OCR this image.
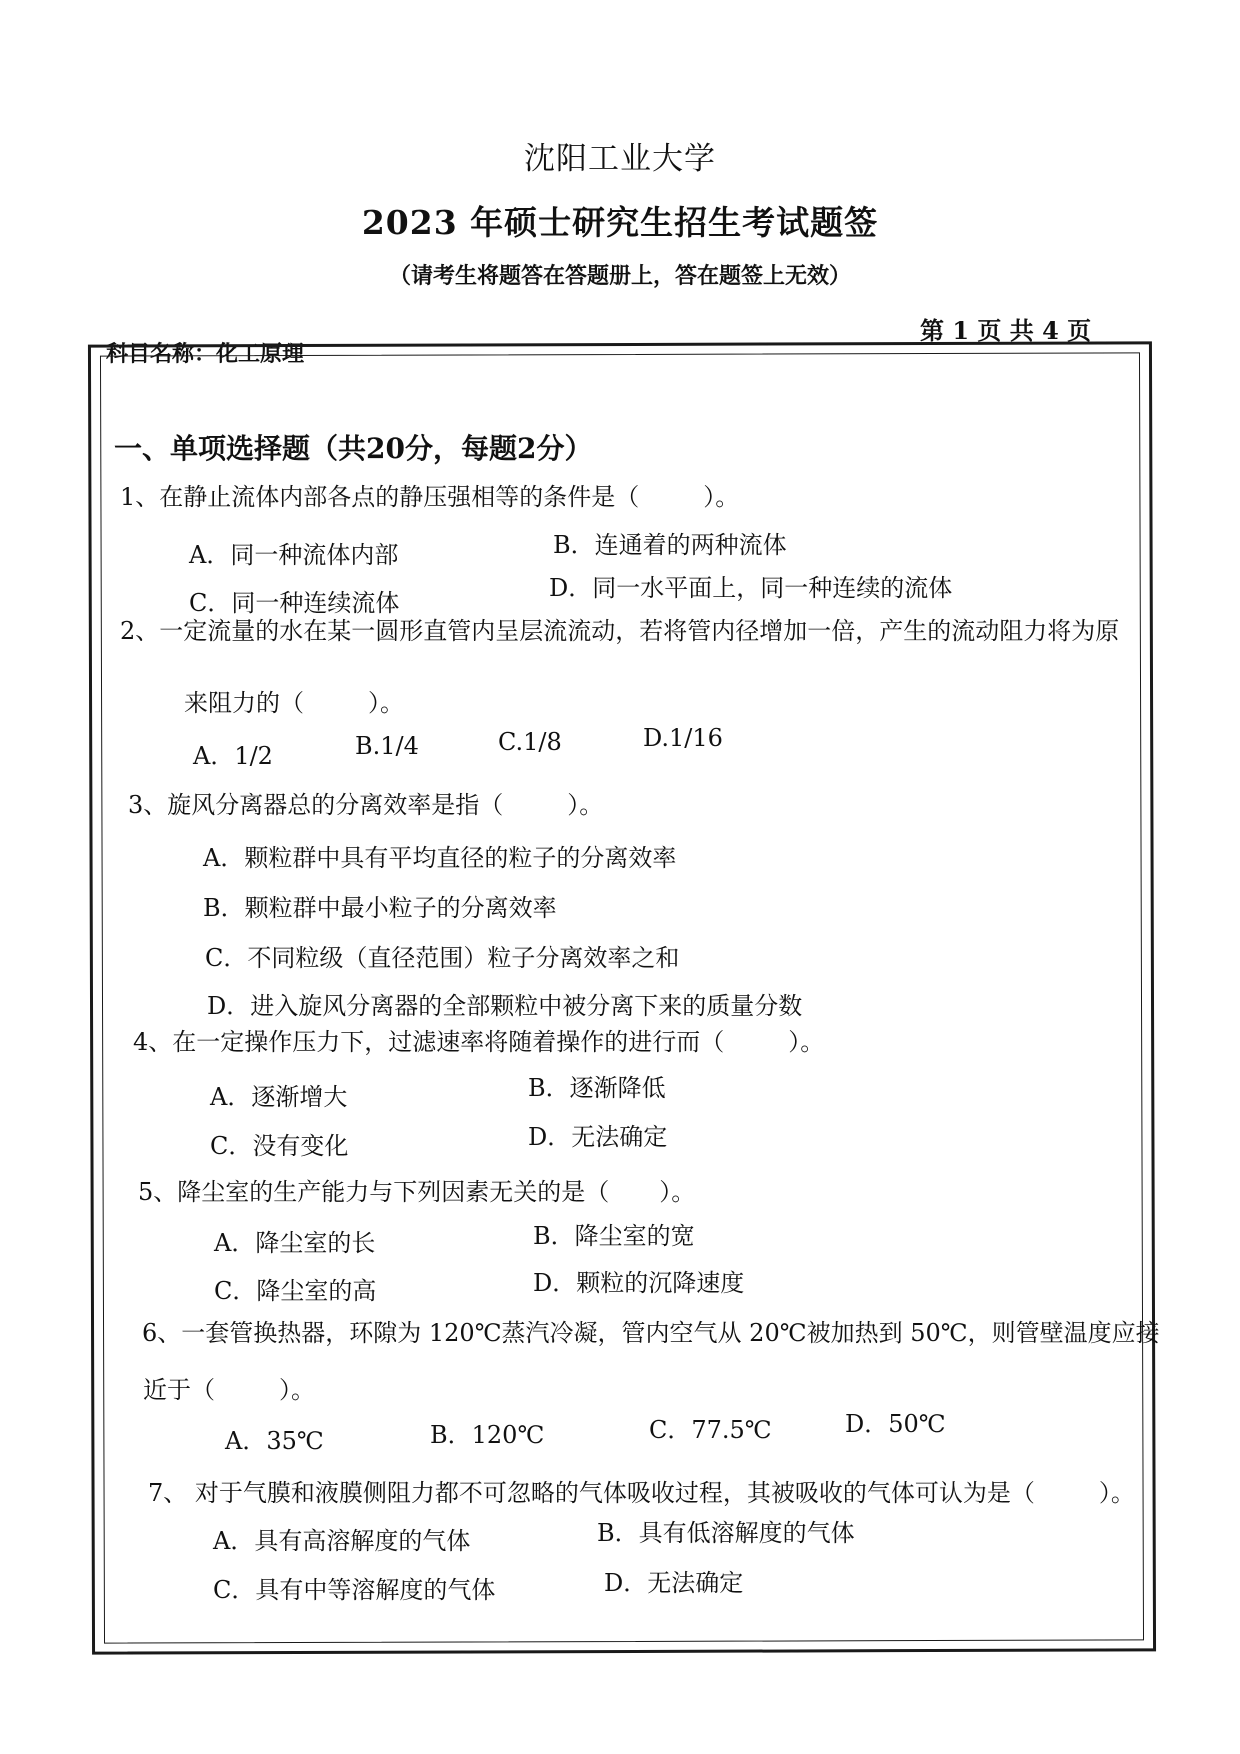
沈阳工业大学
2023 年硕士研究生招生考试题签
（请考生将题答在答题册上，答在题签上无效）
第 1 页 共 4 页
科目名称：化工原理
一、单项选择题（共20分，每题2分）
1、在静止流体内部各点的静压强相等的条件是（	）。
A．同一种流体内部	B．连通着的两种流体
C．同一种连续流体
D．同一水平面上，同一种连续的流体
2、一定流量的水在某一圆形直管内呈层流流动，若将管内径增加一倍，产生的流动阻力将为原
来阻力的（	）。
A．1/2	B.1/4	C.1/8	D.1/16
3、旋风分离器总的分离效率是指（	）。
A．颗粒群中具有平均直径的粒子的分离效率
B．颗粒群中最小粒子的分离效率
C．不同粒级（直径范围）粒子分离效率之和
D．进入旋风分离器的全部颗粒中被分离下来的质量分数
4、在一定操作压力下，过滤速率将随着操作的进行而（	）。
A．逐渐增大	B．逐渐降低
C．没有变化	D．无法确定
5、降尘室的生产能力与下列因素无关的是（ ）。
A．降尘室的长	B．降尘室的宽
C．降尘室的高	D．颗粒的沉降速度
6、一套管换热器，环隙为 120℃蒸汽冷凝，管内空气从 20℃被加热到 50℃，则管壁温度应接
近于（	）。
A．35℃	B．120℃	C．77.5℃	D．50℃
7、 对于气膜和液膜侧阻力都不可忽略的气体吸收过程，其被吸收的气体可认为是（	）。
A．具有高溶解度的气体	B．具有低溶解度的气体
C．具有中等溶解度的气体	D．无法确定
